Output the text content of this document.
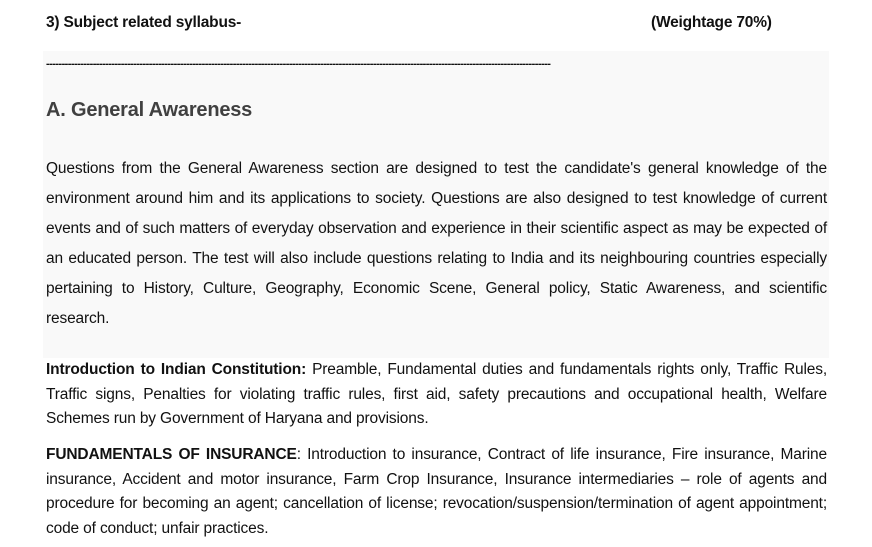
3) Subject related syllabus-	(Weightage 70%)
------------------------------------------------------------------------------------------------------------------------------------------------------------------
A. General Awareness
Questions from the General Awareness section are designed to test the candidate's general knowledge of the environment around him and its applications to society. Questions are also designed to test knowledge of current events and of such matters of everyday observation and experience in their scientific aspect as may be expected of an educated person. The test will also include questions relating to India and its neighbouring countries especially pertaining to History, Culture, Geography, Economic Scene, General policy, Static Awareness, and scientific research.
Introduction to Indian Constitution: Preamble, Fundamental duties and fundamentals rights only, Traffic Rules, Traffic signs, Penalties for violating traffic rules, first aid, safety precautions and occupational health, Welfare Schemes run by Government of Haryana and provisions.
FUNDAMENTALS OF INSURANCE: Introduction to insurance, Contract of life insurance, Fire insurance, Marine insurance, Accident and motor insurance, Farm Crop Insurance, Insurance intermediaries – role of agents and procedure for becoming an agent; cancellation of license; revocation/suspension/termination of agent appointment; code of conduct; unfair practices.
